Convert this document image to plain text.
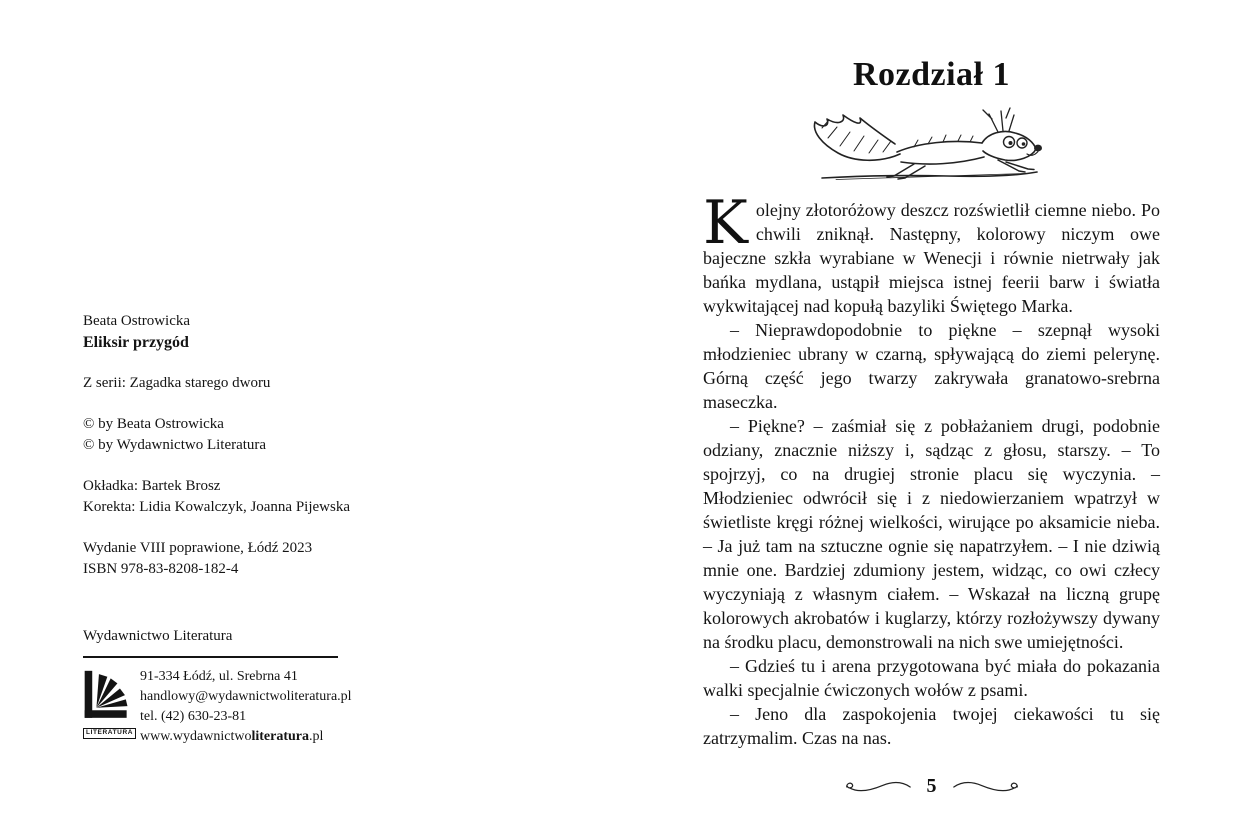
Beata Ostrowicka
Eliksir przygód
Z serii: Zagadka starego dworu
© by Beata Ostrowicka
© by Wydawnictwo Literatura
Okładka: Bartek Brosz
Korekta: Lidia Kowalczyk, Joanna Pijewska
Wydanie VIII poprawione, Łódź 2023
ISBN 978-83-8208-182-4
Wydawnictwo Literatura
LITERATURA
91-334 Łódź, ul. Srebrna 41
handlowy@wydawnictwoliteratura.pl
tel. (42) 630-23-81
www.wydawnictwoliteratura.pl
Rozdział 1

Kolejny złotoróżowy deszcz rozświetlił ciemne niebo. Po chwili zniknął. Następny, kolorowy niczym owe bajeczne szkła wyrabiane w Wenecji i równie nietrwały jak bańka mydlana, ustąpił miejsca istnej feerii barw i światła wykwitającej nad kopułą bazyliki Świętego Marka.

– Nieprawdopodobnie to piękne – szepnął wysoki młodzieniec ubrany w czarną, spływającą do ziemi pelerynę. Górną część jego twarzy zakrywała granatowo-srebrna maseczka.

– Piękne? – zaśmiał się z pobłażaniem drugi, podobnie odziany, znacznie niższy i, sądząc z głosu, starszy. – To spojrzyj, co na drugiej stronie placu się wyczynia. – Młodzieniec odwrócił się i z niedowierzaniem wpatrzył w świetliste kręgi różnej wielkości, wirujące po aksamicie nieba. – Ja już tam na sztuczne ognie się napatrzyłem. – I nie dziwią mnie one. Bardziej zdumiony jestem, widząc, co owi człecy wyczyniają z własnym ciałem. – Wskazał na liczną grupę kolorowych akrobatów i kuglarzy, którzy rozłożywszy dywany na środku placu, demonstrowali na nich swe umiejętności.

– Gdzieś tu i arena przygotowana być miała do pokazania walki specjalnie ćwiczonych wołów z psami.

– Jeno dla zaspokojenia twojej ciekawości tu się zatrzymalim. Czas na nas.

5
